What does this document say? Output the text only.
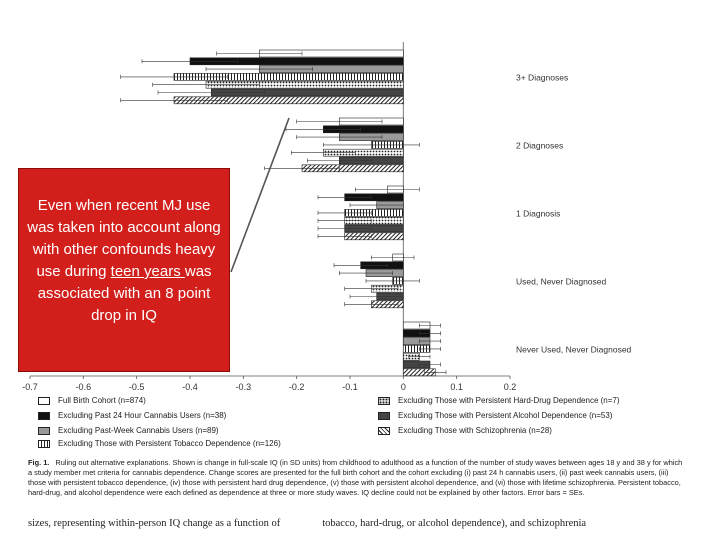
-0.7	-0.6	-0.5	-0.4	-0.3	-0.2	-0.1	0	0.1	0.2
3+ Diagnoses
2 Diagnoses
1 Diagnosis
Used, Never Diagnosed
Never Used, Never Diagnosed
Even when recent MJ use was taken into account along with other confounds heavy use during teen years was associated with an 8 point drop in IQ
Full Birth Cohort (n=874)
Excluding Past 24 Hour Cannabis Users (n=38)
Excluding Past-Week Cannabis Users (n=89)
Excluding Those with Persistent Tobacco Dependence (n=126)
Excluding Those with Persistent Hard-Drug Dependence (n=7)
Excluding Those with Persistent Alcohol Dependence (n=53)
Excluding Those with Schizophrenia (n=28)
Fig. 1. Ruling out alternative explanations. Shown is change in full-scale IQ (in SD units) from childhood to adulthood as a function of the number of study waves between ages 18 y and 38 y for which a study member met criteria for cannabis dependence. Change scores are presented for the full birth cohort and the cohort excluding (i) past 24 h cannabis users, (ii) past week cannabis users, (iii) those with persistent tobacco dependence, (iv) those with persistent hard drug dependence, (v) those with persistent alcohol dependence, and (vi) those with lifetime schizophrenia. Persistent tobacco, hard-drug, and alcohol dependence were each defined as dependence at three or more study waves. IQ decline could not be explained by other factors. Error bars = SEs.
sizes, representing within-person IQ change as a function of	tobacco, hard-drug, or alcohol dependence), and schizophrenia
